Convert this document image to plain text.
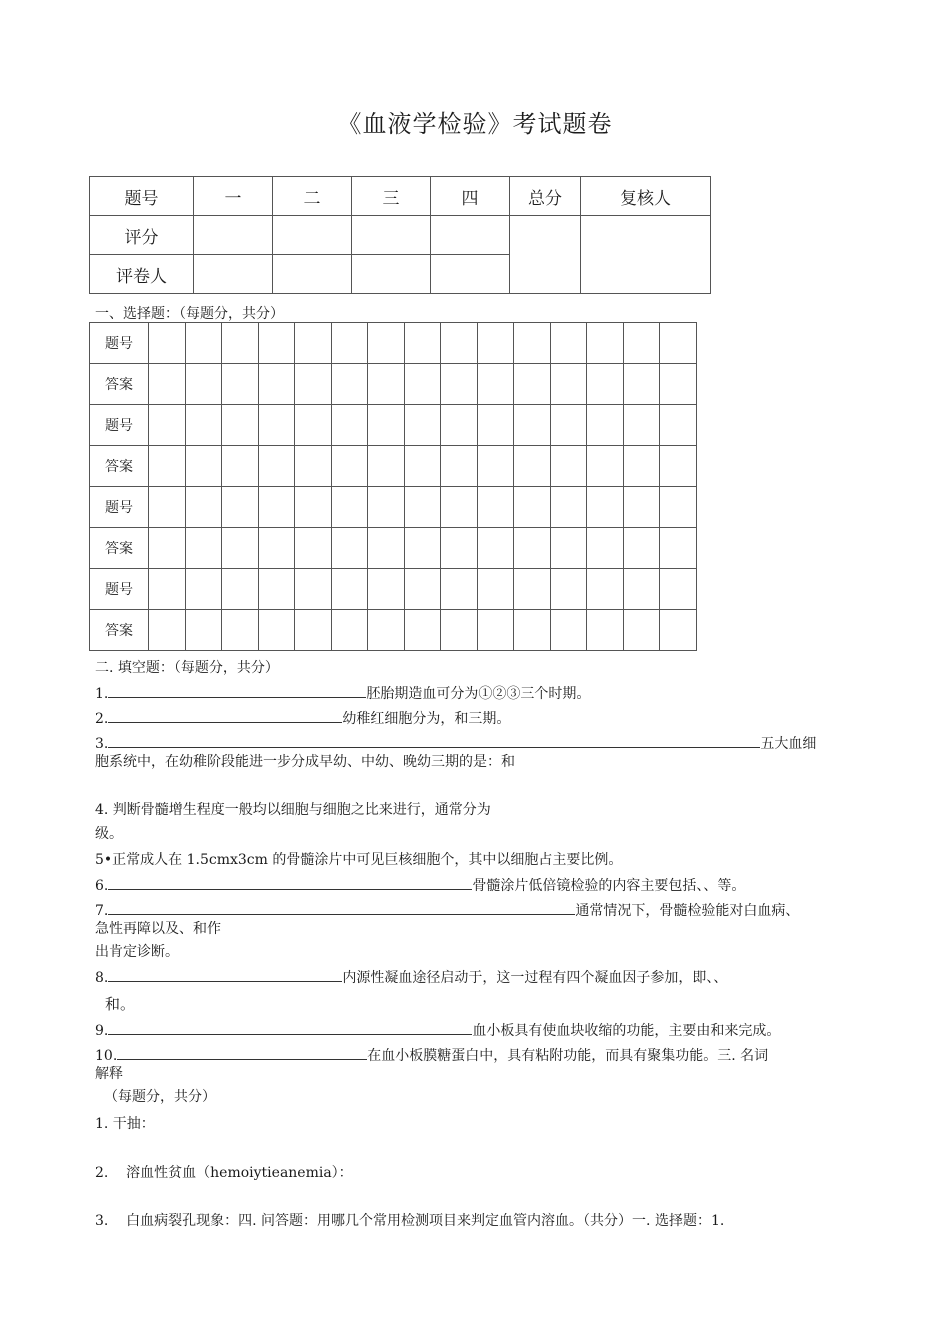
《血液学检验》考试题卷
题号	一	二	三	四	总分	复核人
评分						
评卷人						
一、选择题：（每题分，共分）
题号															
答案															
题号															
答案															
题号															
答案															
题号															
答案															
二. 填空题：（每题分，共分）
1.	胚胎期造血可分为①②③三个时期。
2.	幼稚红细胞分为，和三期。
3.	五大血细
胞系统中，在幼稚阶段能进一步分成早幼、中幼、晚幼三期的是：和
4. 判断骨髓增生程度一般均以细胞与细胞之比来进行，通常分为
级。
5•正常成人在 1.5cmx3cm 的骨髓涂片中可见巨核细胞个，其中以细胞占主要比例。
6.	骨髓涂片低倍镜检验的内容主要包括、、等。
7.	通常情况下，骨髓检验能对白血病、
急性再障以及、和作
出肯定诊断。
8.	内源性凝血途径启动于，这一过程有四个凝血因子参加，即、、
和。
9.	血小板具有使血块收缩的功能，主要由和来完成。
10.	在血小板膜糖蛋白中，具有粘附功能，而具有聚集功能。三. 名词
解释
（每题分，共分）
1. 干抽：
2.    溶血性贫血（hemoiytieanemia）：
3.    白血病裂孔现象：四. 问答题：用哪几个常用检测项目来判定血管内溶血。（共分）一. 选择题：1.
